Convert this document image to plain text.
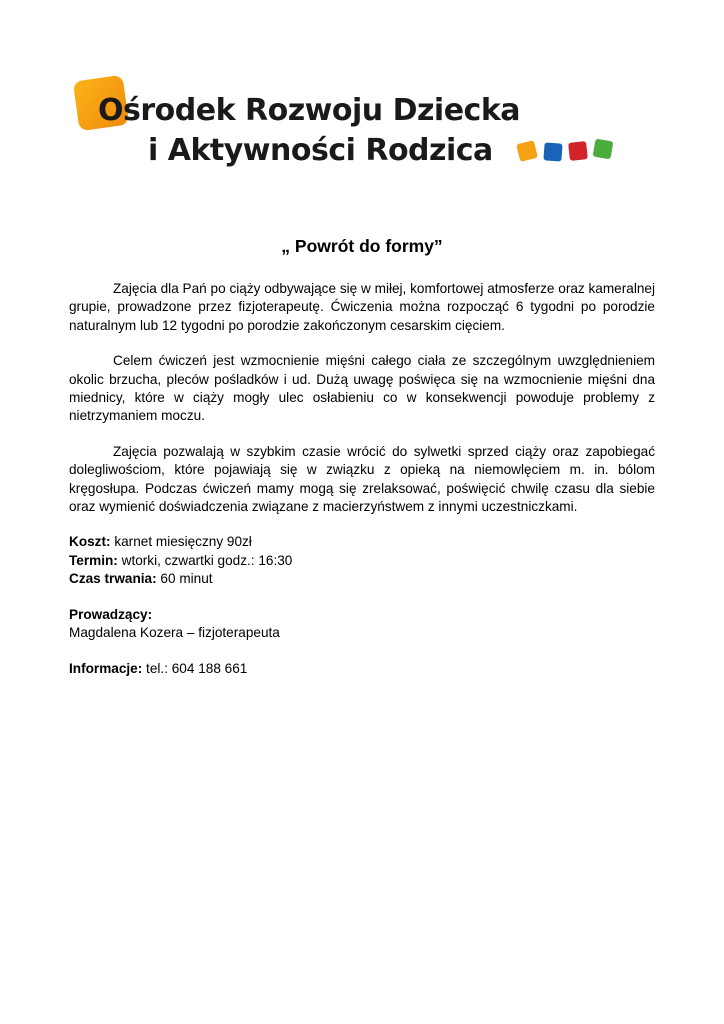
Ośrodek Rozwoju Dziecka
i Aktywności Rodzica
„ Powrót do formy”

Zajęcia dla Pań po ciąży odbywające się w miłej, komfortowej atmosferze oraz kameralnej grupie, prowadzone przez fizjoterapeutę. Ćwiczenia można rozpocząć 6 tygodni po porodzie naturalnym lub 12 tygodni po porodzie zakończonym cesarskim cięciem.

Celem ćwiczeń jest wzmocnienie mięśni całego ciała ze szczególnym uwzględnieniem okolic brzucha, pleców pośladków i ud. Dużą uwagę poświęca się na wzmocnienie mięśni dna miednicy, które w ciąży mogły ulec osłabieniu co w konsekwencji powoduje problemy z nietrzymaniem moczu.

Zajęcia pozwalają w szybkim czasie wrócić do sylwetki sprzed ciąży oraz zapobiegać dolegliwościom, które pojawiają się w związku z opieką na niemowlęciem m. in. bólom kręgosłupa. Podczas ćwiczeń mamy mogą się zrelaksować, poświęcić chwilę czasu dla siebie oraz wymienić doświadczenia związane z macierzyństwem z innymi uczestniczkami.

Koszt: karnet miesięczny 90zł

Termin: wtorki, czwartki godz.: 16:30

Czas trwania: 60 minut

Prowadzący:

Magdalena Kozera – fizjoterapeuta

Informacje: tel.: 604 188 661
